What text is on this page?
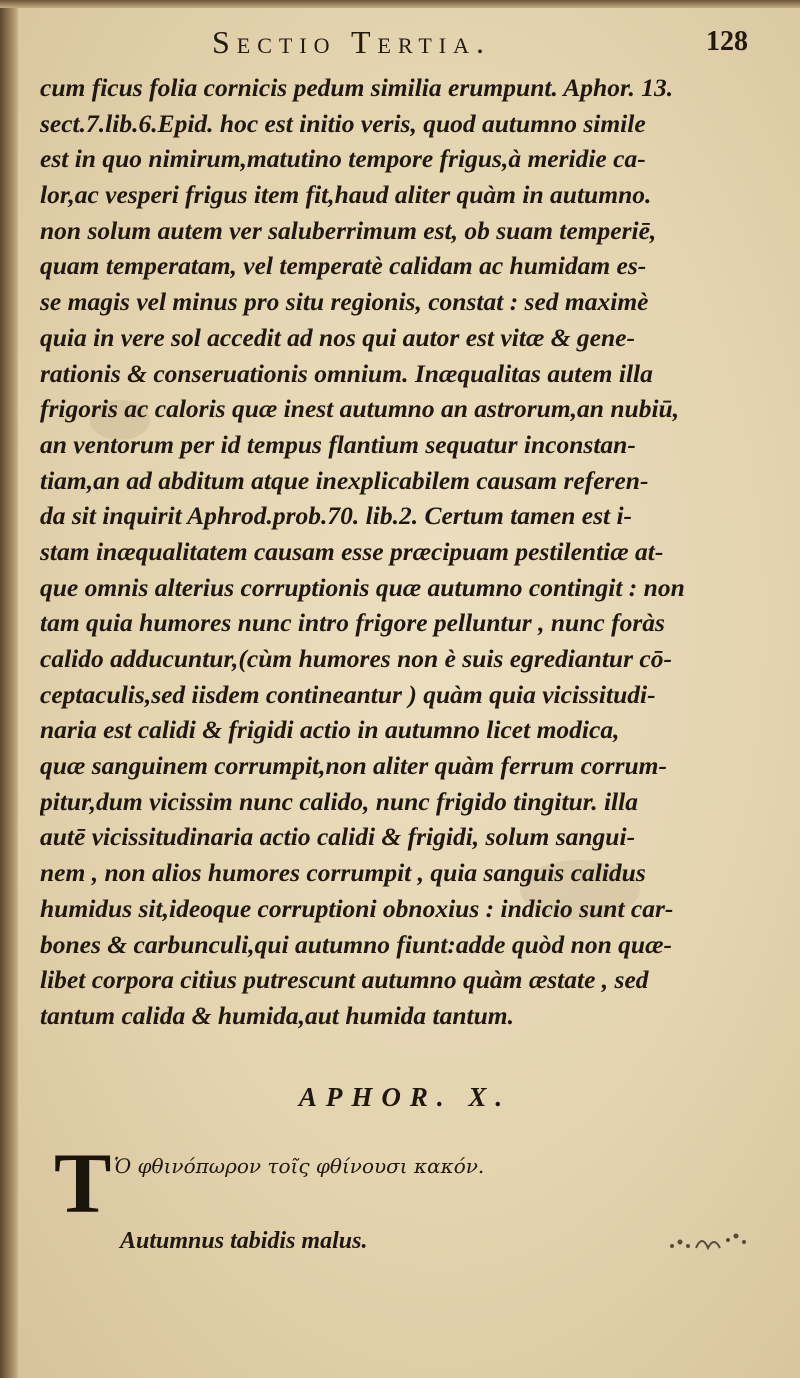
Sectio Tertia.	128
cum ficus folia cornicis pedum similia erumpunt. Aphor. 13.
sect.7.lib.6.Epid. hoc est initio veris, quod autumno simile
est in quo nimirum,matutino tempore frigus,à meridie ca-
lor,ac vesperi frigus item fit,haud aliter quàm in autumno.
non solum autem ver saluberrimum est, ob suam temperiē,
quam temperatam, vel temperatè calidam ac humidam es-
se magis vel minus pro situ regionis, constat : sed maximè
quia in vere sol accedit ad nos qui autor est vitæ & gene-
rationis & conseruationis omnium. Inæqualitas autem illa
frigoris ac caloris quæ inest autumno an astrorum,an nubiū,
an ventorum per id tempus flantium sequatur inconstan-
tiam,an ad abditum atque inexplicabilem causam referen-
da sit inquirit Aphrod.prob.70. lib.2. Certum tamen est i-
stam inæqualitatem causam esse præcipuam pestilentiæ at-
que omnis alterius corruptionis quæ autumno contingit : non
tam quia humores nunc intro frigore pelluntur , nunc foràs
calido adducuntur,(cùm humores non è suis egrediantur cō-
ceptaculis,sed iisdem contineantur ) quàm quia vicissitudi-
naria est calidi & frigidi actio in autumno licet modica,
quæ sanguinem corrumpit,non aliter quàm ferrum corrum-
pitur,dum vicissim nunc calido, nunc frigido tingitur. illa
autē vicissitudinaria actio calidi & frigidi, solum sangui-
nem , non alios humores corrumpit , quia sanguis calidus
humidus sit,ideoque corruptioni obnoxius : indicio sunt car-
bones & carbunculi,qui autumno fiunt:adde quòd non quæ-
libet corpora citius putrescunt autumno quàm æstate , sed
tantum calida & humida,aut humida tantum.
APHOR. X.
T Ὁ φθινόπωρον τοῖς φθίνουσι κακόν.
Autumnus tabidis malus.
